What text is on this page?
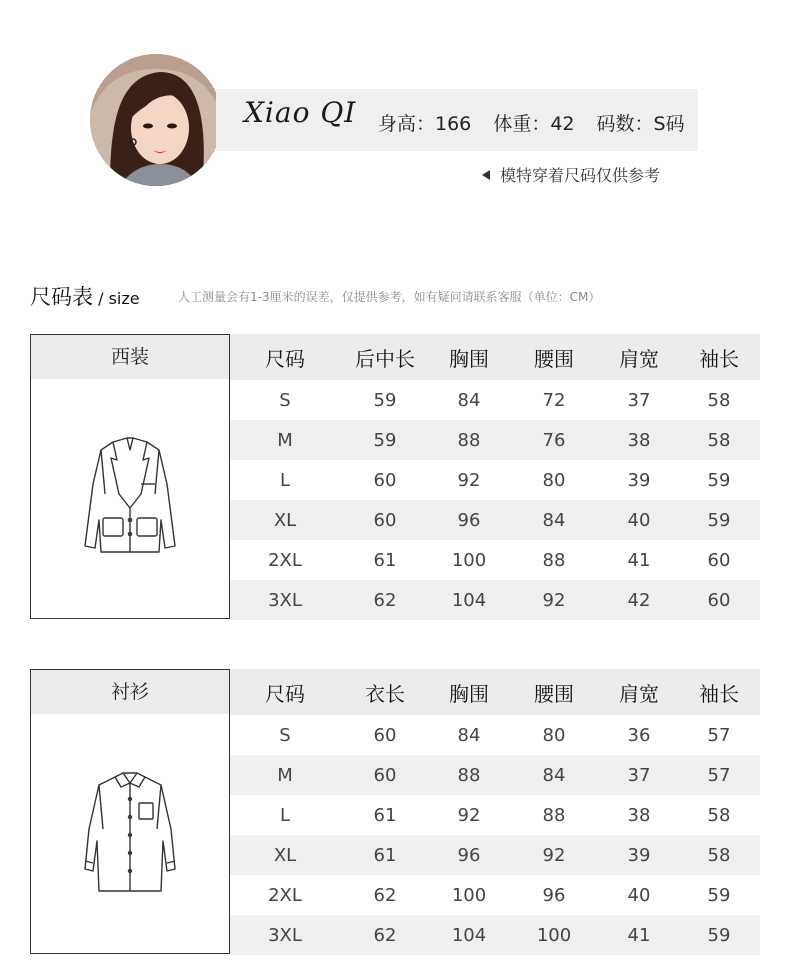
Xiao QI 身高：166 体重：42 码数：S码
模特穿着尺码仅供参考
尺码表 / size	人工测量会有1-3厘米的误差，仅提供参考，如有疑问请联系客服（单位：CM）
西装	尺码	后中长	胸围	腰围	肩宽	袖长
S	59	84	72	37	58
M	59	88	76	38	58
L	60	92	80	39	59
XL	60	96	84	40	59
2XL	61	100	88	41	60
3XL	62	104	92	42	60
衬衫	尺码	衣长	胸围	腰围	肩宽	袖长
S	60	84	80	36	57
M	60	88	84	37	57
L	61	92	88	38	58
XL	61	96	92	39	58
2XL	62	100	96	40	59
3XL	62	104	100	41	59
